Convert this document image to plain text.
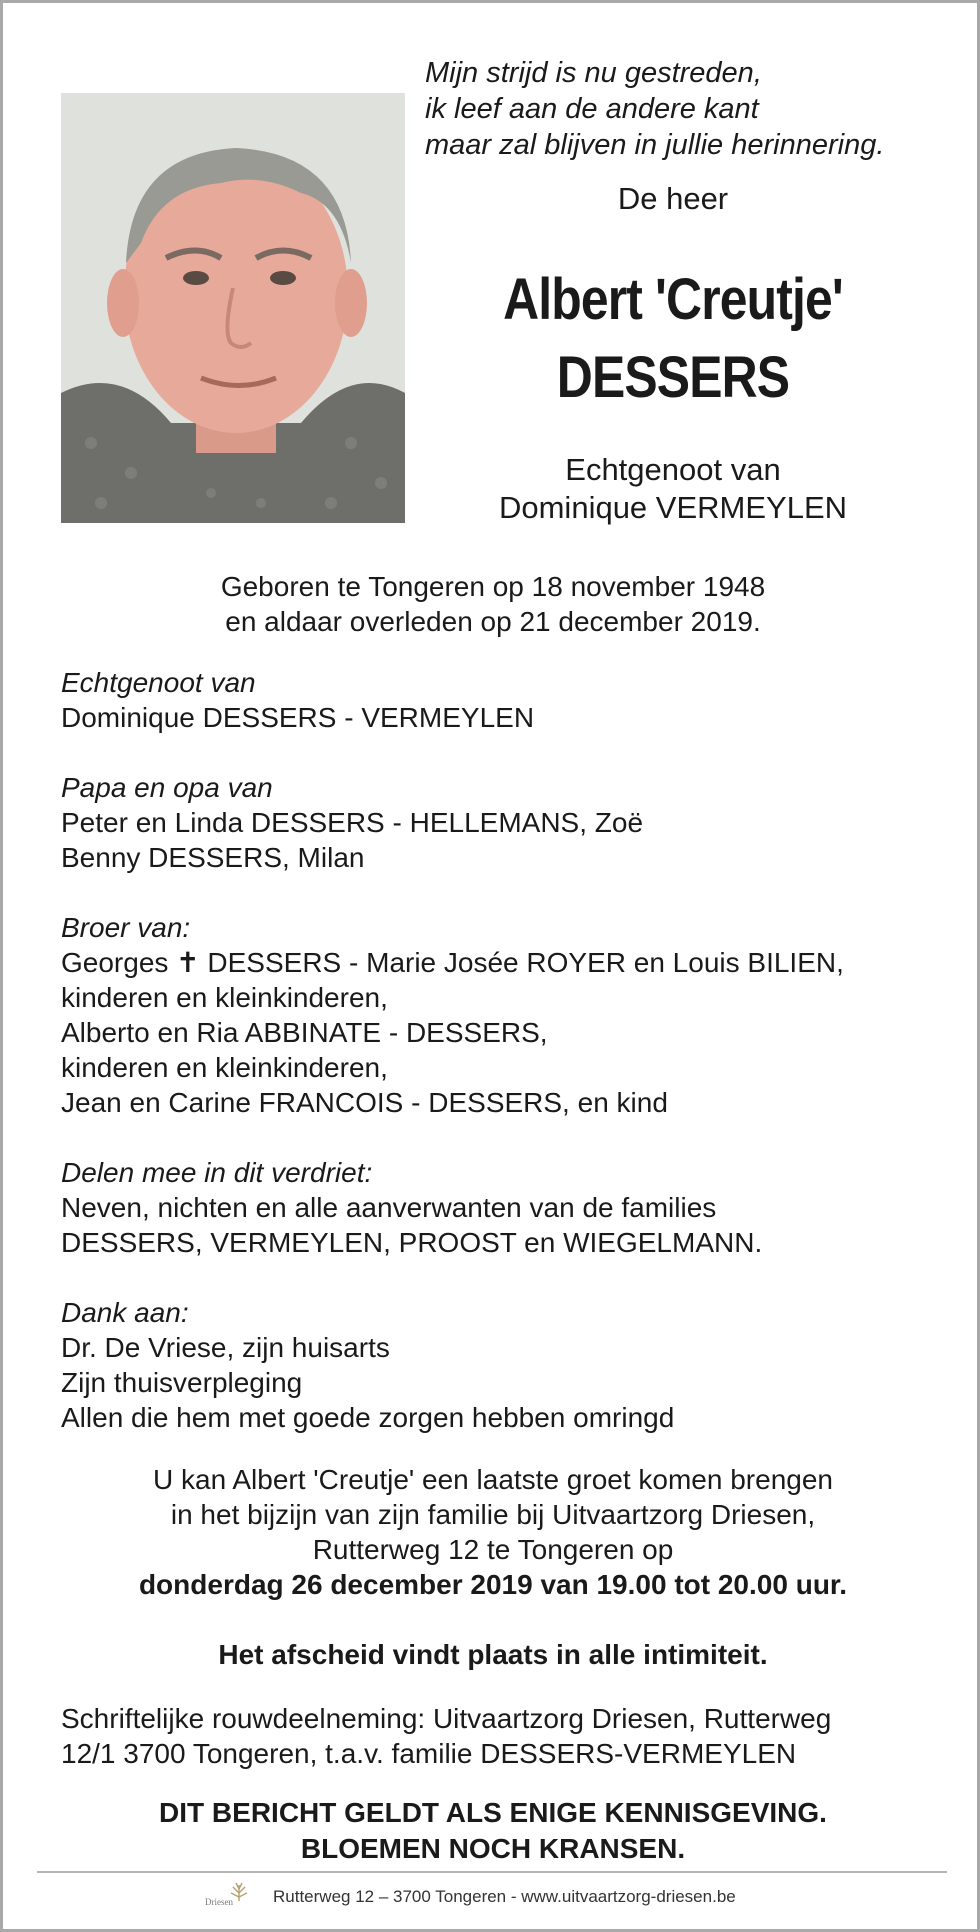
Mijn strijd is nu gestreden,
ik leef aan de andere kant
maar zal blijven in jullie herinnering.
De heer
Albert 'Creutje'
DESSERS
Echtgenoot van
Dominique VERMEYLEN
Geboren te Tongeren op 18 november 1948
en aldaar overleden op 21 december 2019.
Echtgenoot van
Dominique DESSERS - VERMEYLEN
Papa en opa van
Peter en Linda DESSERS - HELLEMANS, Zoë
Benny DESSERS, Milan
Broer van:
Georges ✝ DESSERS - Marie Josée ROYER en Louis BILIEN,
kinderen en kleinkinderen,
Alberto en Ria ABBINATE - DESSERS,
kinderen en kleinkinderen,
Jean en Carine FRANCOIS - DESSERS, en kind
Delen mee in dit verdriet:
Neven, nichten en alle aanverwanten van de families
DESSERS, VERMEYLEN, PROOST en WIEGELMANN.
Dank aan:
Dr. De Vriese, zijn huisarts
Zijn thuisverpleging
Allen die hem met goede zorgen hebben omringd
U kan Albert 'Creutje' een laatste groet komen brengen
in het bijzijn van zijn familie bij Uitvaartzorg Driesen,
Rutterweg 12 te Tongeren op
donderdag 26 december 2019 van 19.00 tot 20.00 uur.
Het afscheid vindt plaats in alle intimiteit.
Schriftelijke rouwdeelneming: Uitvaartzorg Driesen, Rutterweg
12/1 3700 Tongeren, t.a.v. familie DESSERS-VERMEYLEN
DIT BERICHT GELDT ALS ENIGE KENNISGEVING.
BLOEMEN NOCH KRANSEN.
Driesen Rutterweg 12 – 3700 Tongeren - www.uitvaartzorg-driesen.be
